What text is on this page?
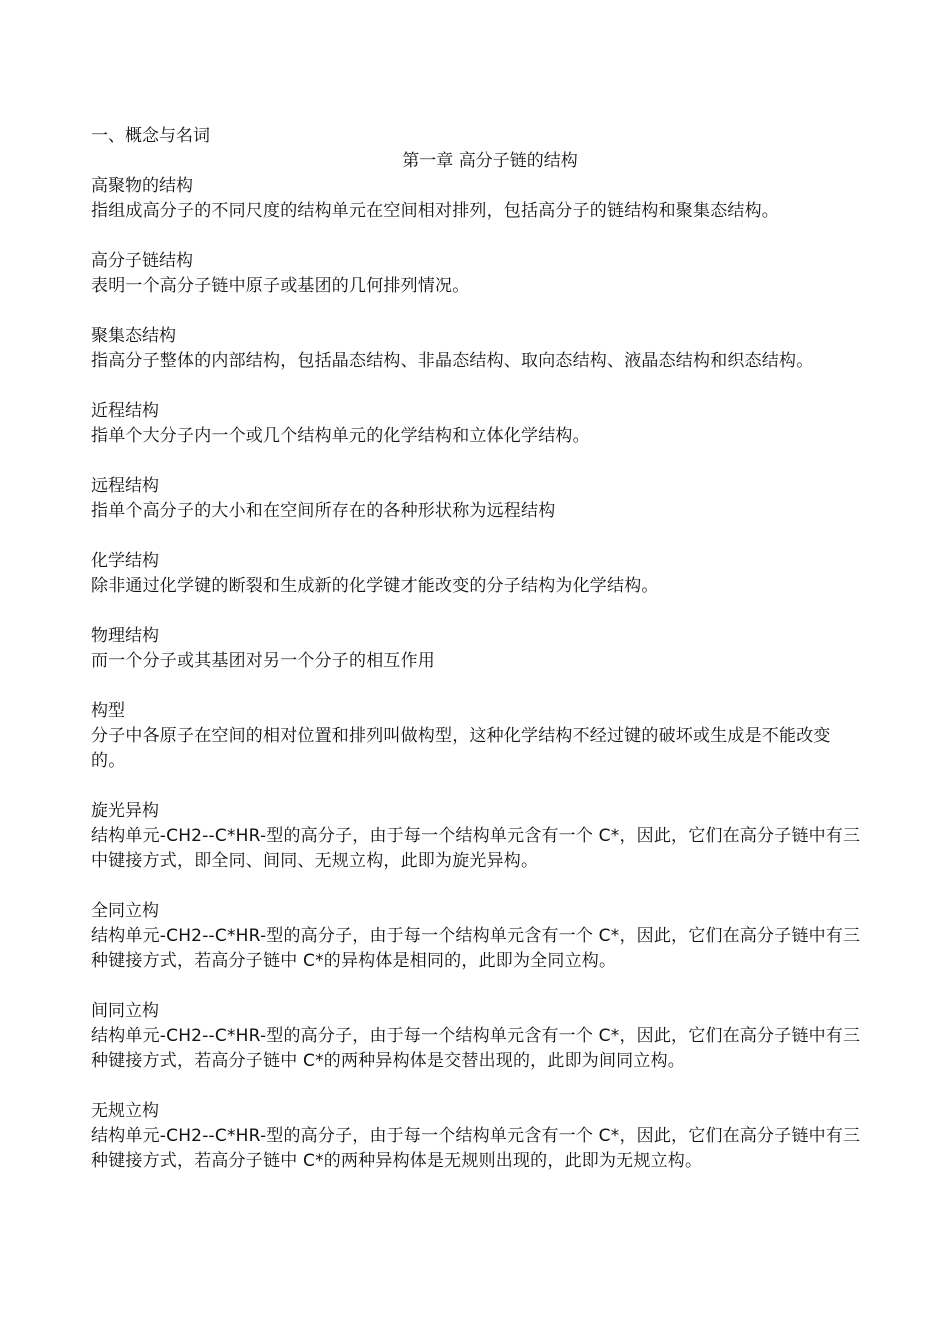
一、概念与名词
第一章 高分子链的结构
高聚物的结构
指组成高分子的不同尺度的结构单元在空间相对排列，包括高分子的链结构和聚集态结构。
高分子链结构
表明一个高分子链中原子或基团的几何排列情况。
聚集态结构
指高分子整体的内部结构，包括晶态结构、非晶态结构、取向态结构、液晶态结构和织态结构。
近程结构
指单个大分子内一个或几个结构单元的化学结构和立体化学结构。
远程结构
指单个高分子的大小和在空间所存在的各种形状称为远程结构
化学结构
除非通过化学键的断裂和生成新的化学键才能改变的分子结构为化学结构。
物理结构
而一个分子或其基团对另一个分子的相互作用
构型
分子中各原子在空间的相对位置和排列叫做构型，这种化学结构不经过键的破坏或生成是不能改变的。
旋光异构
结构单元-CH2--C*HR-型的高分子，由于每一个结构单元含有一个 C*，因此，它们在高分子链中有三中键接方式，即全同、间同、无规立构，此即为旋光异构。
全同立构
结构单元-CH2--C*HR-型的高分子，由于每一个结构单元含有一个 C*，因此，它们在高分子链中有三种键接方式，若高分子链中 C*的异构体是相同的，此即为全同立构。
间同立构
结构单元-CH2--C*HR-型的高分子，由于每一个结构单元含有一个 C*，因此，它们在高分子链中有三种键接方式，若高分子链中 C*的两种异构体是交替出现的，此即为间同立构。
无规立构
结构单元-CH2--C*HR-型的高分子，由于每一个结构单元含有一个 C*，因此，它们在高分子链中有三种键接方式，若高分子链中 C*的两种异构体是无规则出现的，此即为无规立构。
